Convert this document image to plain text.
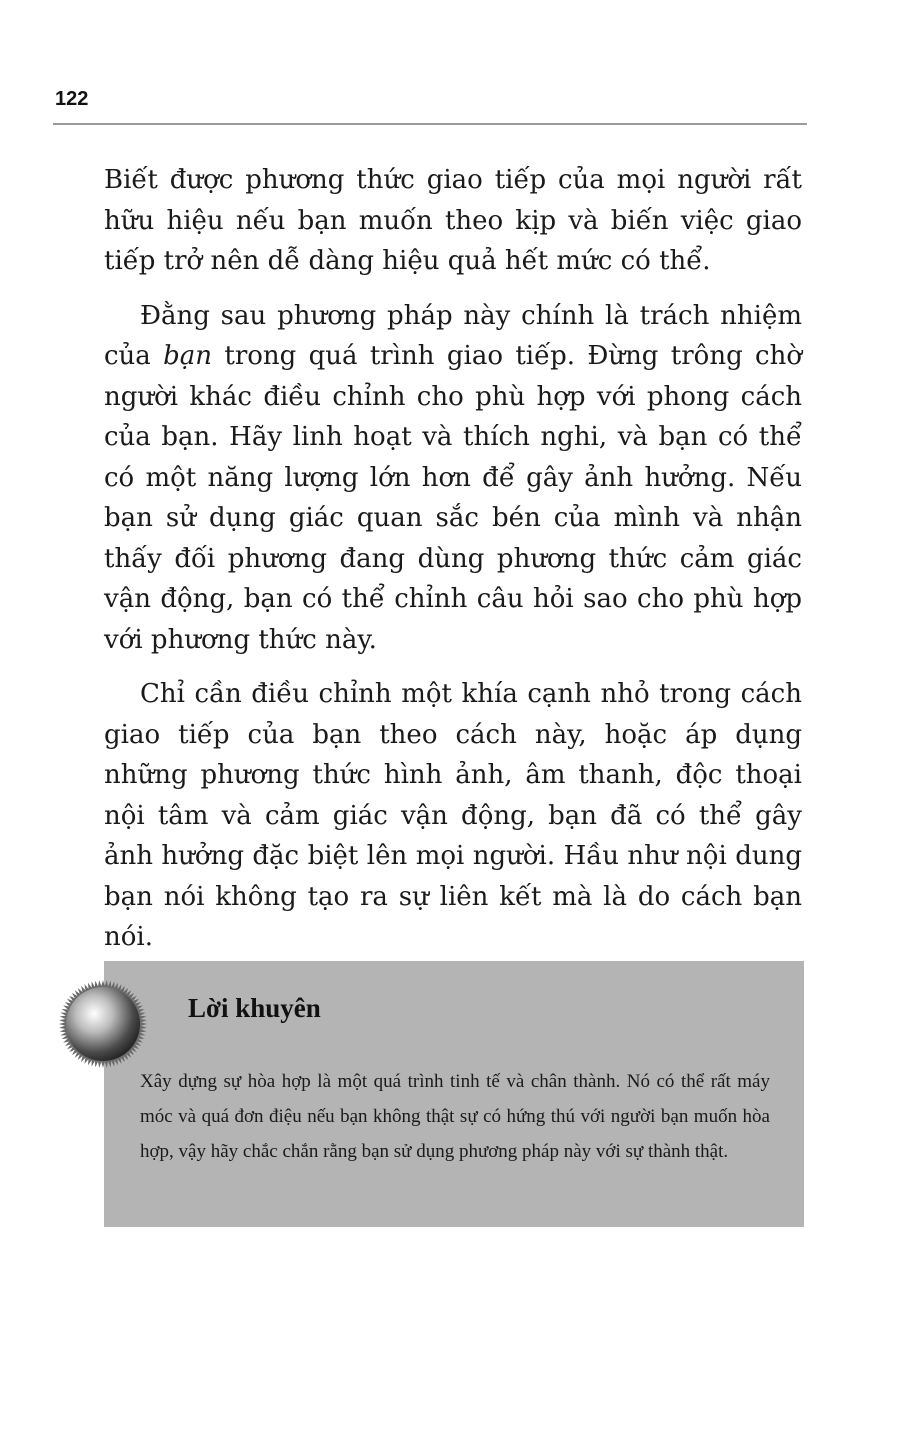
122

Biết được phương thức giao tiếp của mọi người rất hữu hiệu nếu bạn muốn theo kịp và biến việc giao tiếp trở nên dễ dàng hiệu quả hết mức có thể.

Đằng sau phương pháp này chính là trách nhiệm của bạn trong quá trình giao tiếp. Đừng trông chờ người khác điều chỉnh cho phù hợp với phong cách của bạn. Hãy linh hoạt và thích nghi, và bạn có thể có một năng lượng lớn hơn để gây ảnh hưởng. Nếu bạn sử dụng giác quan sắc bén của mình và nhận thấy đối phương đang dùng phương thức cảm giác vận động, bạn có thể chỉnh câu hỏi sao cho phù hợp với phương thức này.

Chỉ cần điều chỉnh một khía cạnh nhỏ trong cách giao tiếp của bạn theo cách này, hoặc áp dụng những phương thức hình ảnh, âm thanh, độc thoại nội tâm và cảm giác vận động, bạn đã có thể gây ảnh hưởng đặc biệt lên mọi người. Hầu như nội dung bạn nói không tạo ra sự liên kết mà là do cách bạn nói.

Lời khuyên
Xây dựng sự hòa hợp là một quá trình tinh tế và chân thành. Nó có thể rất máy móc và quá đơn điệu nếu bạn không thật sự có hứng thú với người bạn muốn hòa hợp, vậy hãy chắc chắn rằng bạn sử dụng phương pháp này với sự thành thật.
